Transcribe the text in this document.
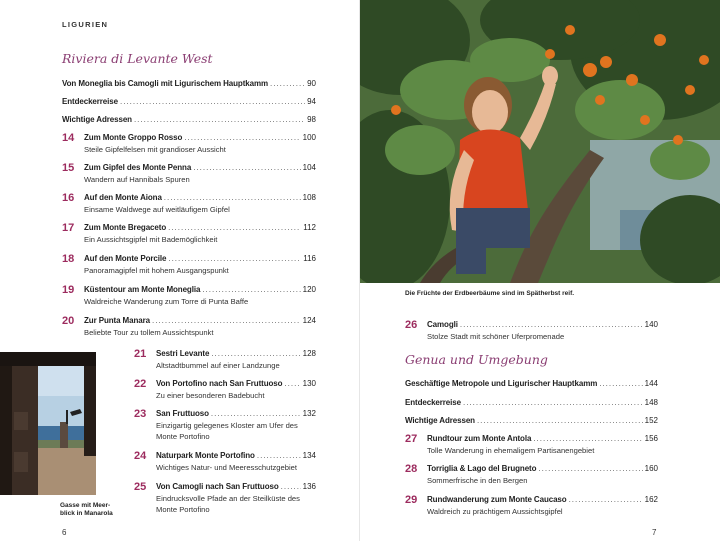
LIGURIEN
Riviera di Levante West
Von Moneglia bis Camogli mit Ligurischem Hauptkamm .....	90
Entdeckerreise .....	94
Wichtige Adressen .....	98
14 Zum Monte Groppo Rosso .....	100
Steile Gipfelfelsen mit grandioser Aussicht
15 Zum Gipfel des Monte Penna .....	104
Wandern auf Hannibals Spuren
16 Auf den Monte Aiona .....	108
Einsame Waldwege auf weitläufigem Gipfel
17 Zum Monte Bregaceto .....	112
Ein Aussichtsgipfel mit Bademöglichkeit
18 Auf den Monte Porcile .....	116
Panoramagipfel mit hohem Ausgangspunkt
19 Küstentour am Monte Moneglia .....	120
Waldreiche Wanderung zum Torre di Punta Baffe
20 Zur Punta Manara .....	124
Beliebte Tour zu tollem Aussichtspunkt
Gasse mit Meer-blick in Manarola
21 Sestri Levante .....	128
Altstadtbummel auf einer Landzunge
22 Von Portofino nach San Fruttuoso .....	130
Zu einer besonderen Badebucht
23 San Fruttuoso .....	132
Einzigartig gelegenes Kloster am Ufer des
Monte Portofino
24 Naturpark Monte Portofino .....	134
Wichtiges Natur- und Meeresschutzgebiet
25 Von Camogli nach San Fruttuoso .....	136
Eindrucksvolle Pfade an der Steilküste des
Monte Portofino
6
Die Früchte der Erdbeerbäume sind im Spätherbst reif.
26 Camogli .....	140
Stolze Stadt mit schöner Uferpromenade
Genua und Umgebung
Geschäftige Metropole und Ligurischer Hauptkamm .....	144
Entdeckerreise .....	148
Wichtige Adressen .....	152
27 Rundtour zum Monte Antola .....	156
Tolle Wanderung in ehemaligem Partisanengebiet
28 Torriglia & Lago del Brugneto .....	160
Sommerfrische in den Bergen
29 Rundwanderung zum Monte Caucaso .....	162
Waldreich zu prächtigem Aussichtsgipfel
7
